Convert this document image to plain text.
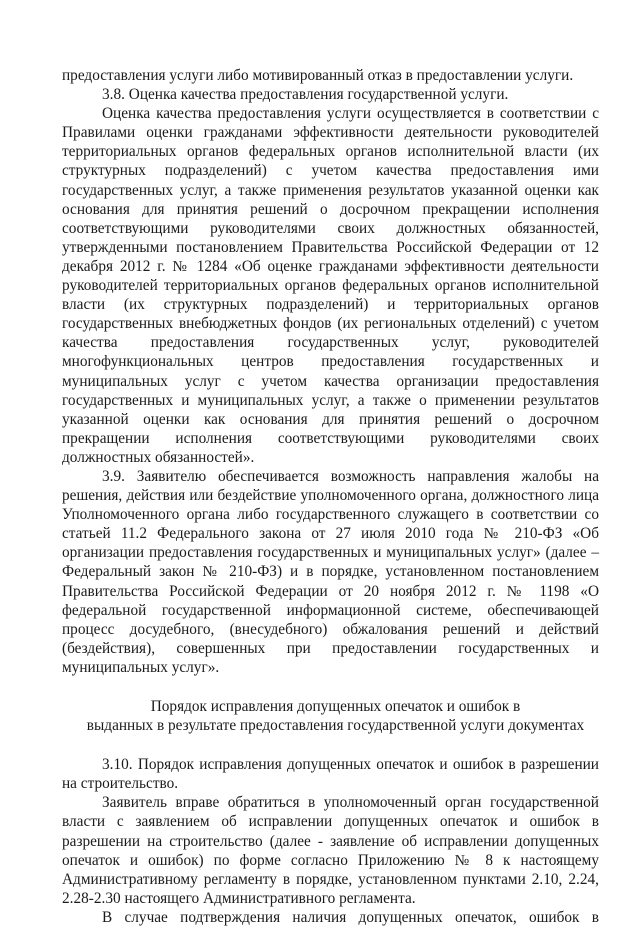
предоставления услуги либо мотивированный отказ в предоставлении услуги.

3.8. Оценка качества предоставления государственной услуги.

Оценка качества предоставления услуги осуществляется в соответствии с Правилами оценки гражданами эффективности деятельности руководителей территориальных органов федеральных органов исполнительной власти (их структурных подразделений) с учетом качества предоставления ими государственных услуг, а также применения результатов указанной оценки как основания для принятия решений о досрочном прекращении исполнения соответствующими руководителями своих должностных обязанностей, утвержденными постановлением Правительства Российской Федерации от 12 декабря 2012 г. № 1284 «Об оценке гражданами эффективности деятельности руководителей территориальных органов федеральных органов исполнительной власти (их структурных подразделений) и территориальных органов государственных внебюджетных фондов (их региональных отделений) с учетом качества предоставления государственных услуг, руководителей многофункциональных центров предоставления государственных и муниципальных услуг с учетом качества организации предоставления государственных и муниципальных услуг, а также о применении результатов указанной оценки как основания для принятия решений о досрочном прекращении исполнения соответствующими руководителями своих должностных обязанностей».

3.9. Заявителю обеспечивается возможность направления жалобы на решения, действия или бездействие уполномоченного органа, должностного лица Уполномоченного органа либо государственного служащего в соответствии со статьей 11.2 Федерального закона от 27 июля 2010 года № 210-ФЗ «Об организации предоставления государственных и муниципальных услуг» (далее – Федеральный закон № 210-ФЗ) и в порядке, установленном постановлением Правительства Российской Федерации от 20 ноября 2012 г. № 1198 «О федеральной государственной информационной системе, обеспечивающей процесс досудебного, (внесудебного) обжалования решений и действий (бездействия), совершенных при предоставлении государственных и муниципальных услуг».

Порядок исправления допущенных опечаток и ошибок в
выданных в результате предоставления государственной услуги документах

3.10. Порядок исправления допущенных опечаток и ошибок в разрешении на строительство.

Заявитель вправе обратиться в уполномоченный орган государственной власти с заявлением об исправлении допущенных опечаток и ошибок в разрешении на строительство (далее - заявление об исправлении допущенных опечаток и ошибок) по форме согласно Приложению № 8 к настоящему Административному регламенту в порядке, установленном пунктами 2.10, 2.24, 2.28-2.30 настоящего Административного регламента.

В случае подтверждения наличия допущенных опечаток, ошибок в
